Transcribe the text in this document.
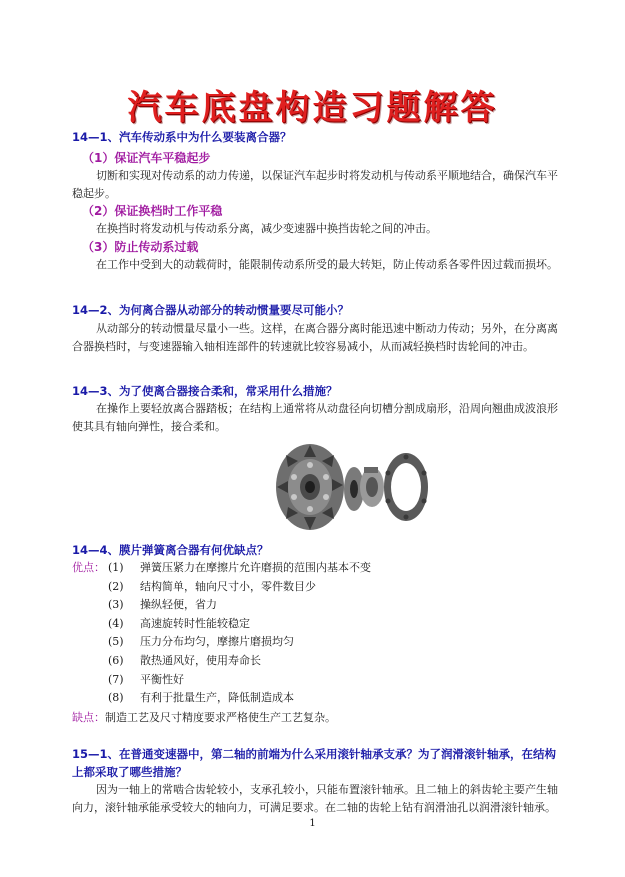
汽车底盘构造习题解答
14—1、汽车传动系中为什么要装离合器？
（1）保证汽车平稳起步
切断和实现对传动系的动力传递，以保证汽车起步时将发动机与传动系平顺地结合，确保汽车平稳起步。
（2）保证换档时工作平稳
在换挡时将发动机与传动系分离，减少变速器中换挡齿轮之间的冲击。
（3）防止传动系过载
在工作中受到大的动载荷时，能限制传动系所受的最大转矩，防止传动系各零件因过载而损坏。
14—2、为何离合器从动部分的转动惯量要尽可能小？
从动部分的转动惯量尽量小一些。这样，在离合器分离时能迅速中断动力传动；另外，在分离离合器换档时，与变速器输入轴相连部件的转速就比较容易减小，从而减轻换档时齿轮间的冲击。
14—3、为了使离合器接合柔和，常采用什么措施？
在操作上要轻放离合器踏板；在结构上通常将从动盘径向切槽分割成扇形，沿周向翘曲成波浪形使其具有轴向弹性，接合柔和。
14—4、膜片弹簧离合器有何优缺点？
优点： (1)	弹簧压紧力在摩擦片允许磨损的范围内基本不变
(2)	结构简单，轴向尺寸小，零件数目少
(3)	操纵轻便，省力
(4)	高速旋转时性能较稳定
(5)	压力分布均匀，摩擦片磨损均匀
(6)	散热通风好，使用寿命长
(7)	平衡性好
(8)	有利于批量生产，降低制造成本
缺点：制造工艺及尺寸精度要求严格使生产工艺复杂。
15—1、在普通变速器中，第二轴的前端为什么采用滚针轴承支承？为了润滑滚针轴承，在结构上都采取了哪些措施？
因为一轴上的常啮合齿轮较小，支承孔较小，只能布置滚针轴承。且二轴上的斜齿轮主要产生轴向力，滚针轴承能承受较大的轴向力，可满足要求。在二轴的齿轮上钻有润滑油孔以润滑滚针轴承。
1
